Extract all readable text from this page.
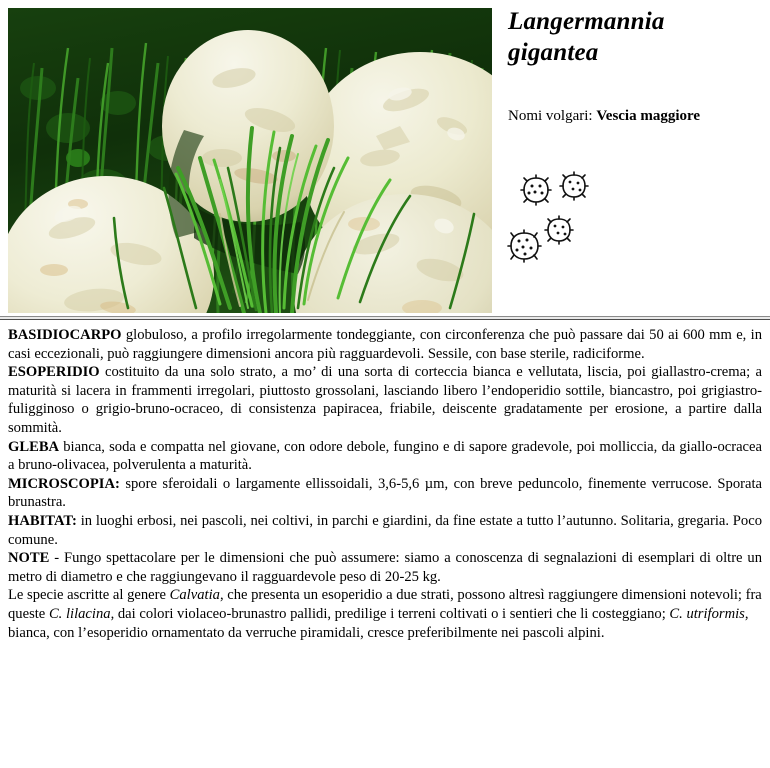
Langermannia
gigantea
Nomi volgari: Vescia maggiore

BASIDIOCARPO globuloso, a profilo irregolarmente tondeggiante, con circonferenza che può passare dai 50 ai 600 mm e, in casi eccezionali, può raggiungere dimensioni ancora più ragguardevoli. Sessile, con base sterile, radiciforme.

ESOPERIDIO costituito da una solo strato, a mo’ di una sorta di corteccia bianca e vellutata, liscia, poi giallastro-crema; a maturità si lacera in frammenti irregolari, piuttosto grossolani, lasciando libero l’endoperidio sottile, biancastro, poi grigiastro-fuligginoso o grigio-bruno-ocraceo, di consistenza papiracea, friabile, deiscente gradatamente per erosione, a partire dalla sommità.

GLEBA bianca, soda e compatta nel giovane, con odore debole, fungino e di sapore gradevole, poi molliccia, da giallo-ocracea a bruno-olivacea, polverulenta a maturità.

MICROSCOPIA: spore sferoidali o largamente ellissoidali, 3,6-5,6 µm, con breve peduncolo, finemente verrucose. Sporata brunastra.

HABITAT: in luoghi erbosi, nei pascoli, nei coltivi, in parchi e giardini, da fine estate a tutto l’autunno. Solitaria, gregaria. Poco comune.

NOTE - Fungo spettacolare per le dimensioni che può assumere: siamo a conoscenza di segnalazioni di esemplari di oltre un metro di diametro e che raggiungevano il ragguardevole peso di 20-25 kg.

Le specie ascritte al genere Calvatia, che presenta un esoperidio a due strati, possono altresì raggiungere dimensioni notevoli; fra queste C. lilacina, dai colori violaceo-brunastro pallidi, predilige i terreni coltivati o i sentieri che li costeggiano; C. utriformis, bianca, con l’esoperidio ornamentato da verruche piramidali, cresce preferibilmente nei pascoli alpini.
